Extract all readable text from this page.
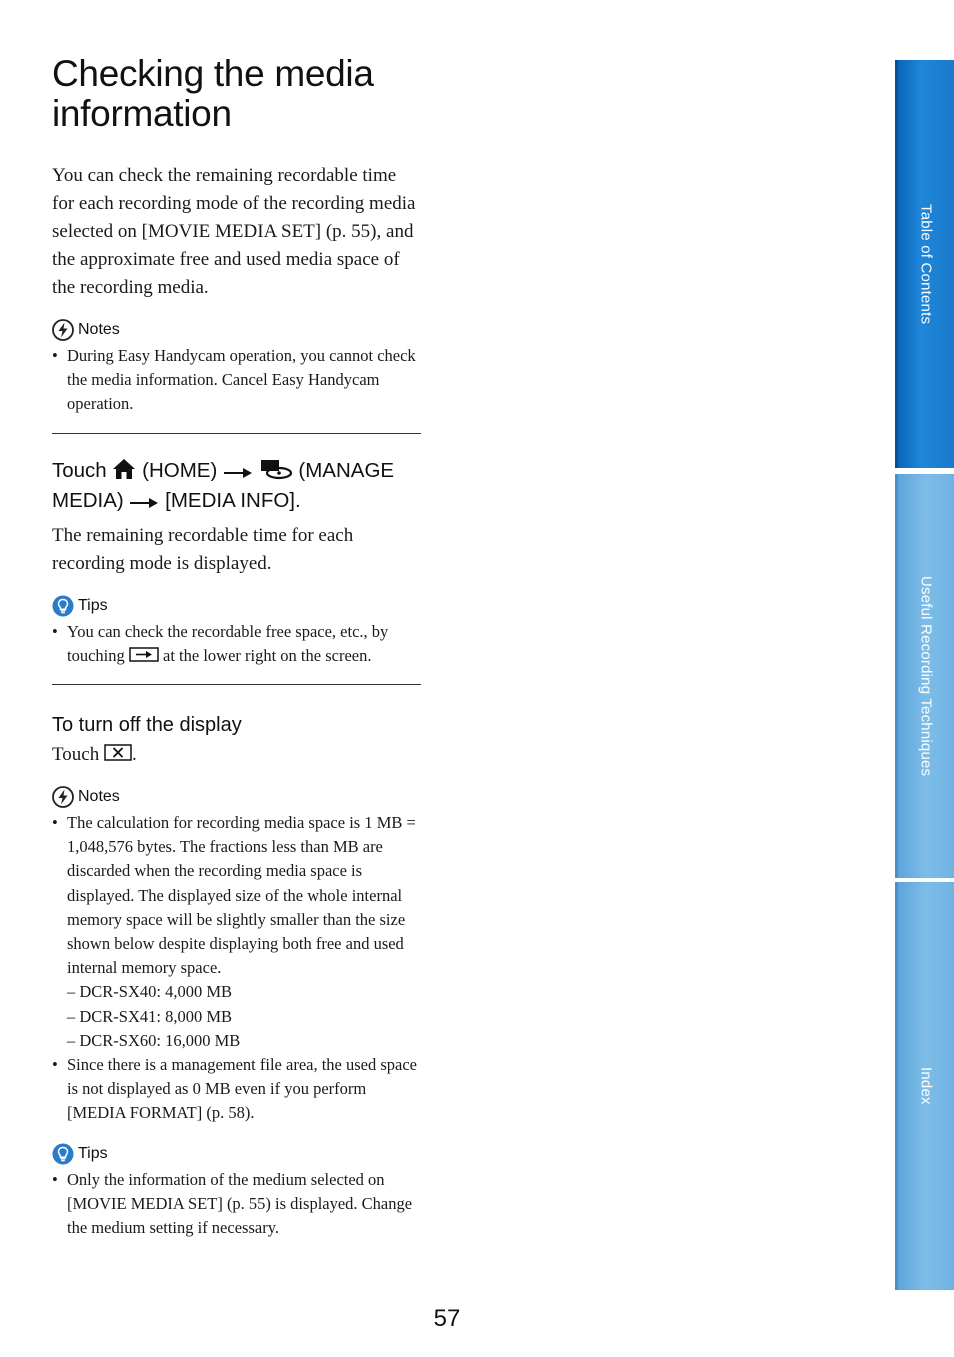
Checking the media information

You can check the remaining recordable time for each recording mode of the recording media selected on [MOVIE MEDIA SET] (p. 55), and the approximate free and used media space of the recording media.

Notes
• During Easy Handycam operation, you cannot check the media information. Cancel Easy Handycam operation.
Touch (HOME)	(MANAGE MEDIA) [MEDIA INFO].

The remaining recordable time for each recording mode is displayed.

Tips
• You can check the recordable free space, etc., by touching at the lower right on the screen.
To turn off the display

Touch .

Notes
• The calculation for recording media space is 1 MB = 1,048,576 bytes. The fractions less than MB are discarded when the recording media space is displayed. The displayed size of the whole internal memory space will be slightly smaller than the size shown below despite displaying both free and used internal memory space.
– DCR-SX40: 4,000 MB
– DCR-SX41: 8,000 MB
– DCR-SX60: 16,000 MB
• Since there is a management file area, the used space is not displayed as 0 MB even if you perform [MEDIA FORMAT] (p. 58).
Tips
• Only the information of the medium selected on [MOVIE MEDIA SET] (p. 55) is displayed. Change the medium setting if necessary.
Table of Contents
Useful Recording Techniques
Index
57
